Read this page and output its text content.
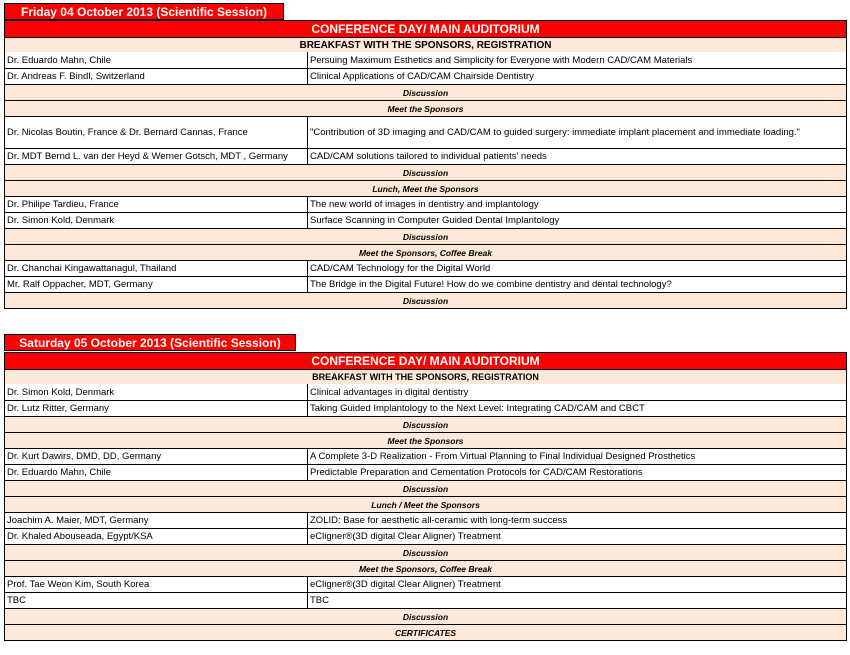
Friday 04 October 2013 (Scientific Session)
CONFERENCE DAY/ MAIN AUDITORIUM
BREAKFAST WITH THE SPONSORS, REGISTRATION
Dr. Eduardo Mahn, Chile	Persuing Maximum Esthetics and Simplicity for Everyone with Modern CAD/CAM Materials
Dr. Andreas F. Bindl, Switzerland	Clinical Applications of CAD/CAM Chairside Dentistry
Discussion
Meet the Sponsors
Dr. Nicolas Boutin, France & Dr. Bernard Cannas, France	"Contribution of 3D imaging and CAD/CAM to guided surgery: immediate implant placement and immediate loading."
Dr. MDT Bernd L. van der Heyd & Werner Gotsch, MDT , Germany	CAD/CAM solutions tailored to individual patients' needs
Discussion
Lunch, Meet the Sponsors
Dr. Philipe Tardieu, France	The new world of images in dentistry and implantology
Dr. Simon Kold, Denmark	Surface Scanning in Computer Guided Dental Implantology
Discussion
Meet the Sponsors, Coffee Break
Dr. Chanchai Kingawattanagul, Thailand	CAD/CAM Technology for the Digital World
Mr. Ralf Oppacher, MDT, Germany	The Bridge in the Digital Future! How do we combine dentistry and dental technology?
Discussion
Saturday 05 October 2013 (Scientific Session)
CONFERENCE DAY/ MAIN AUDITORIUM
BREAKFAST WITH THE SPONSORS, REGISTRATION
Dr. Simon Kold, Denmark	Clinical advantages in digital dentistry
Dr. Lutz Ritter, Germany	Taking Guided Implantology to the Next Level: Integrating CAD/CAM and CBCT
Discussion
Meet the Sponsors
Dr. Kurt Dawirs, DMD, DD, Germany	A Complete 3-D Realization - From Virtual Planning to Final Individual Designed Prosthetics
Dr. Eduardo Mahn, Chile	Predictable Preparation and Cementation Protocols for CAD/CAM Restorations
Discussion
Lunch / Meet the Sponsors
Joachim A. Maier, MDT, Germany	ZOLID: Base for aesthetic all-ceramic with long-term success
Dr. Khaled Abouseada, Egypt/KSA	eCligner®(3D digital Clear Aligner) Treatment
Discussion
Meet the Sponsors, Coffee Break
Prof. Tae Weon Kim, South Korea	eCligner®(3D digital Clear Aligner) Treatment
TBC	TBC
Discussion
CERTIFICATES
